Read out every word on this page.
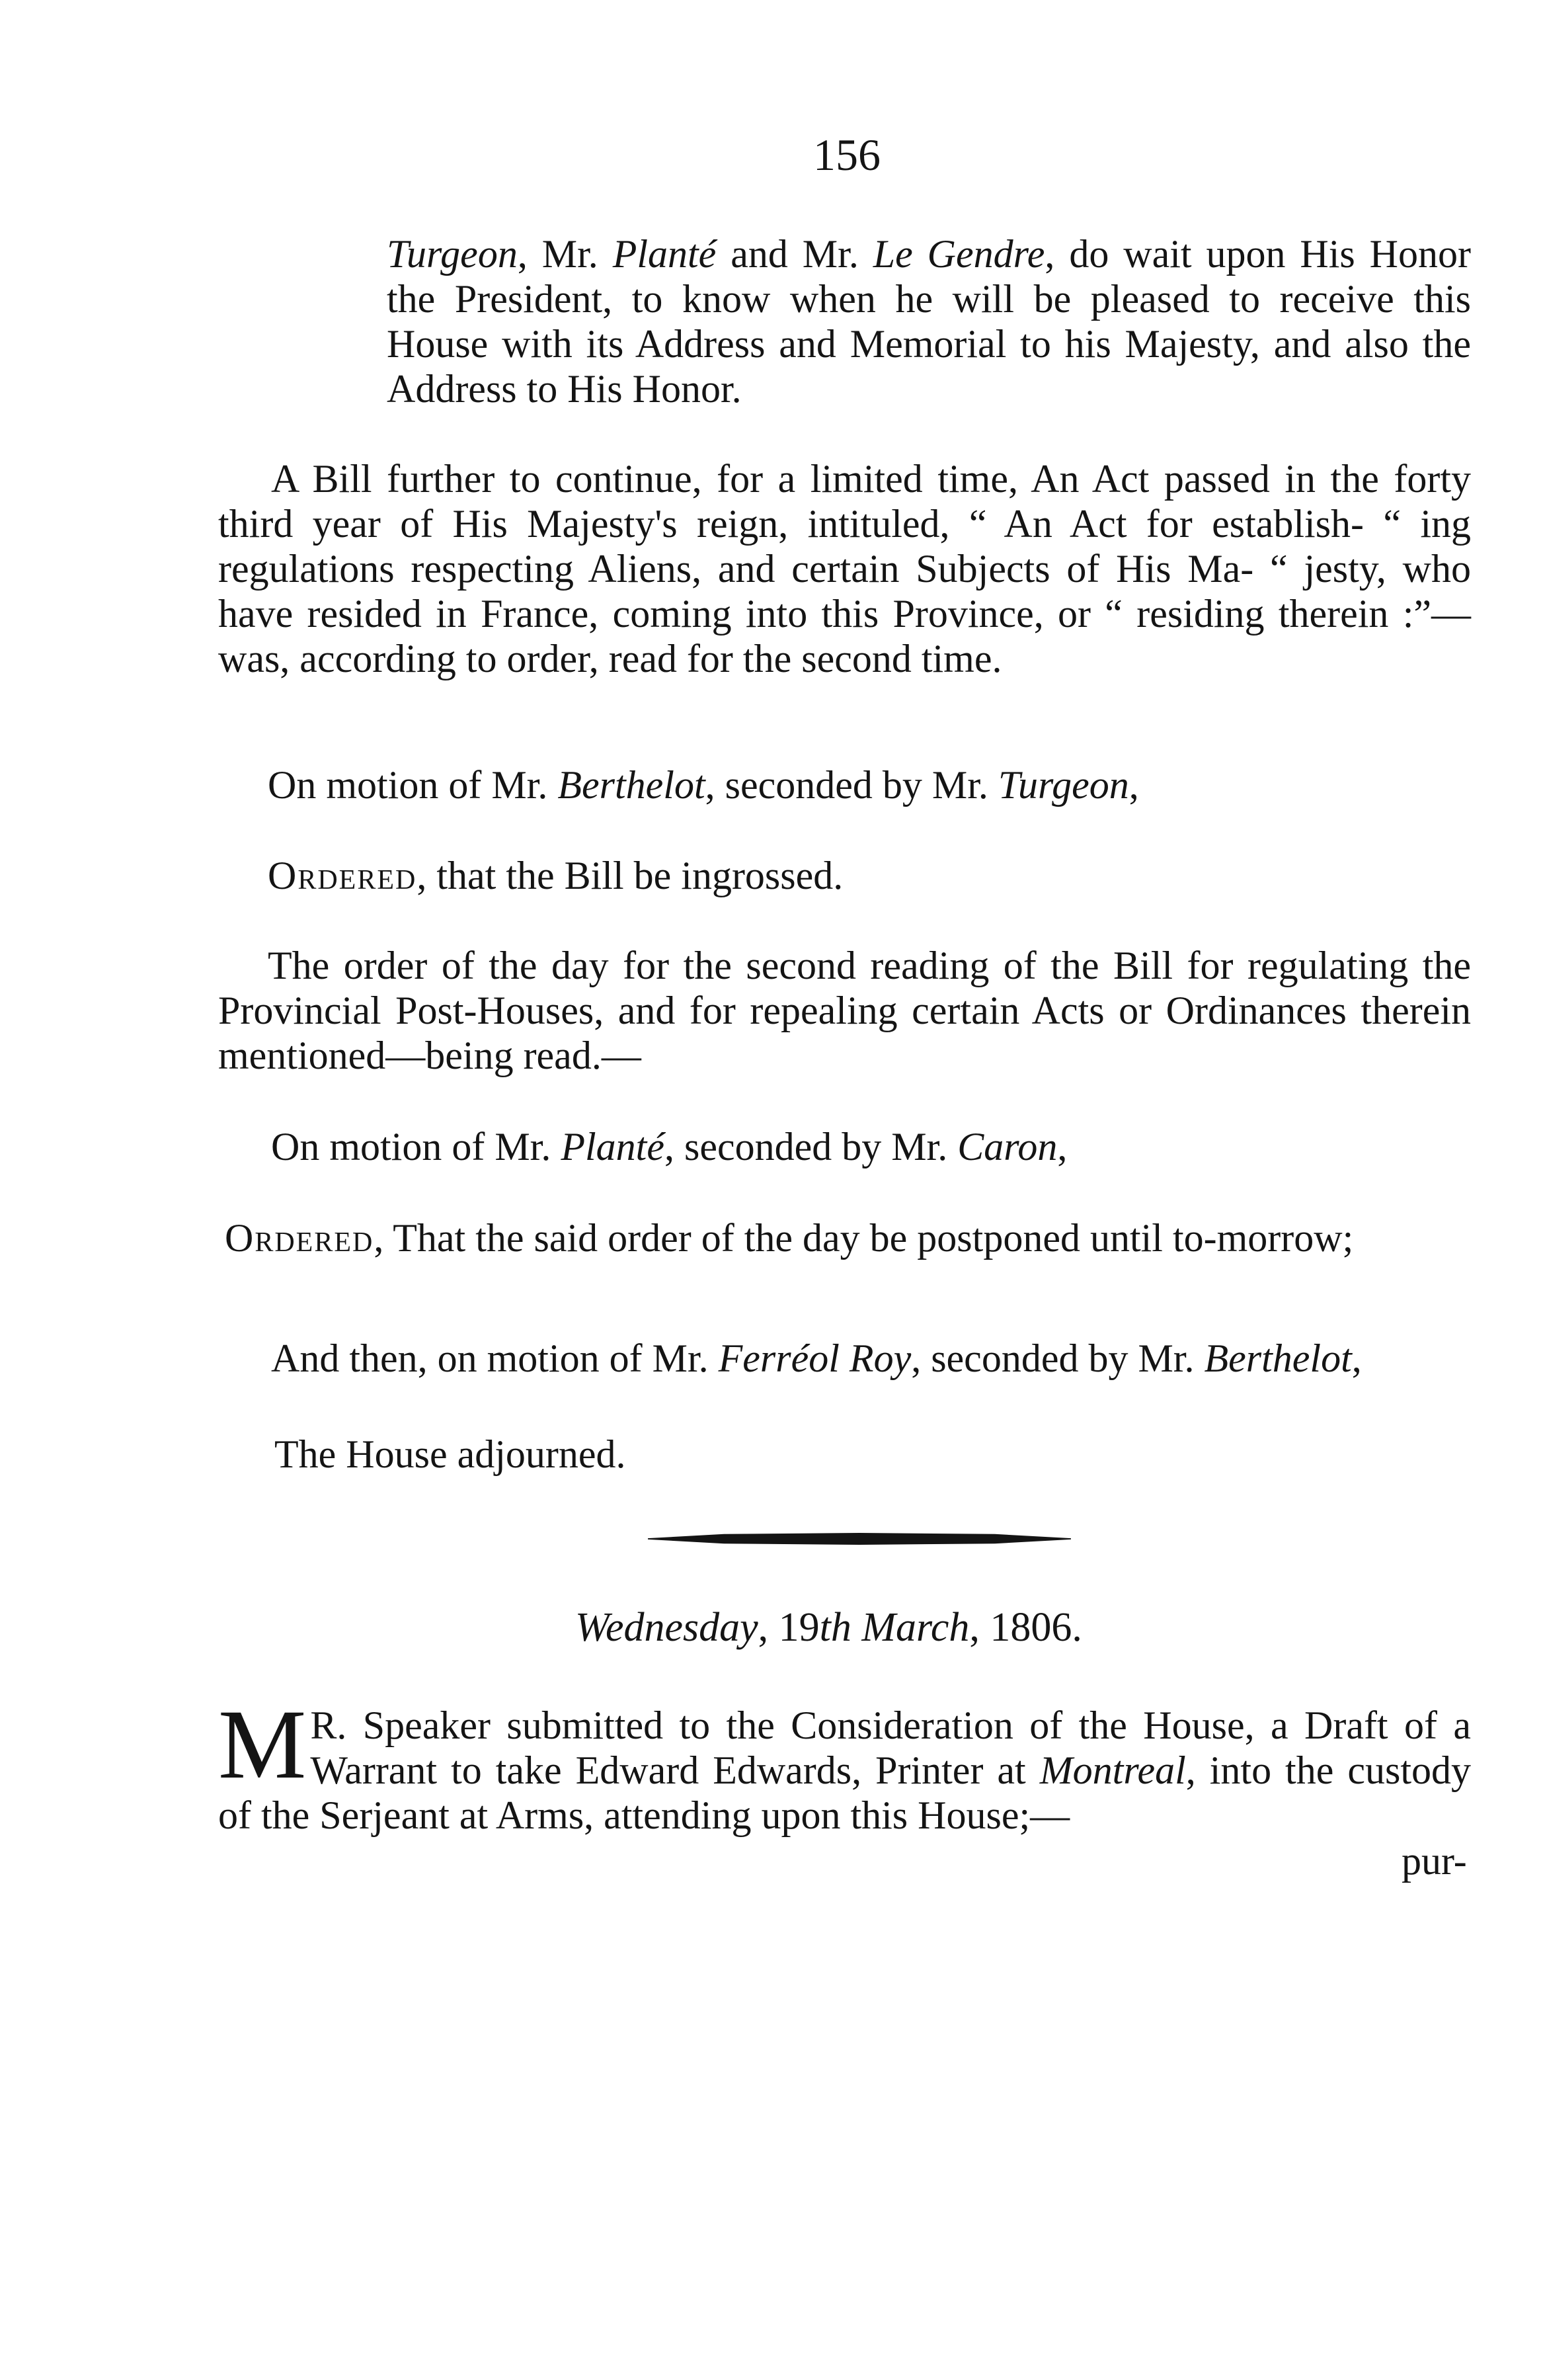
156

Turgeon, Mr. Planté and Mr. Le Gendre, do wait upon His Honor the President, to know when he will be pleased to receive this House with its Address and Memorial to his Majesty, and also the Address to His Honor.

A Bill further to continue, for a limited time, An Act passed in the forty third year of His Majesty's reign, intituled, “ An Act for establish- “ ing regulations respecting Aliens, and certain Subjects of His Ma- “ jesty, who have resided in France, coming into this Province, or “ residing therein :”—was, according to order, read for the second time.

On motion of Mr. Berthelot, seconded by Mr. Turgeon,

Ordered, that the Bill be ingrossed.

The order of the day for the second reading of the Bill for regulating the Provincial Post-Houses, and for repealing certain Acts or Ordinances therein mentioned—being read.—

On motion of Mr. Planté, seconded by Mr. Caron,

Ordered, That the said order of the day be postponed until to-morrow;

And then, on motion of Mr. Ferréol Roy, seconded by Mr. Berthelot,

The House adjourned.

Wednesday, 19th March, 1806.

M R. Speaker submitted to the Consideration of the House, a Draft of a Warrant to take Edward Edwards, Printer at Montreal, into the custody of the Serjeant at Arms, attending upon this House;—

pur-
